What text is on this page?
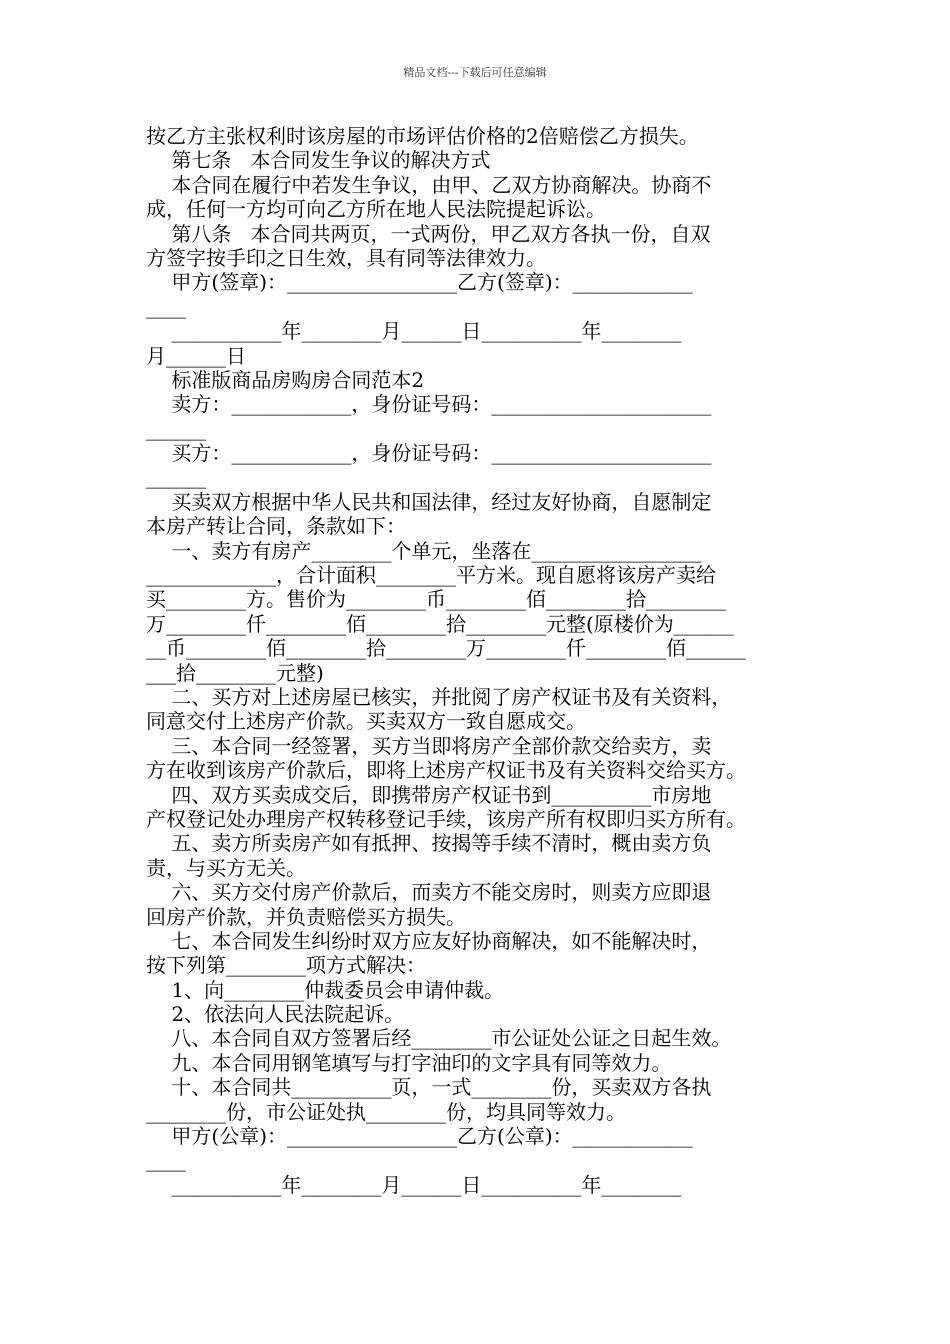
精品文档---下载后可任意编辑
按乙方主张权利时该房屋的市场评估价格的2倍赔偿乙方损失。
第七条   本合同发生争议的解决方式
本合同在履行中若发生争议，由甲、乙双方协商解决。协商不
成，任何一方均可向乙方所在地人民法院提起诉讼。
第八条   本合同共两页，一式两份，甲乙双方各执一份，自双
方签字按手印之日生效，具有同等法律效力。
甲方(签章)：_________________乙方(签章)：____________
____
___________年________月______日__________年________
月______日
标准版商品房购房合同范本2
卖方：____________，身份证号码：______________________
______
买方：____________，身份证号码：______________________
______
买卖双方根据中华人民共和国法律，经过友好协商，自愿制定
本房产转让合同，条款如下：
一、卖方有房产________个单元，坐落在_________________
_____________，合计面积________平方米。现自愿将该房产卖给
买________方。售价为________币________佰________拾________
万________仟________佰________拾________元整(原楼价为______
__币________佰________拾________万________仟________佰______
___拾________元整)
二、买方对上述房屋已核实，并批阅了房产权证书及有关资料，
同意交付上述房产价款。买卖双方一致自愿成交。
三、本合同一经签署，买方当即将房产全部价款交给卖方，卖
方在收到该房产价款后，即将上述房产权证书及有关资料交给买方。
四、双方买卖成交后，即携带房产权证书到__________市房地
产权登记处办理房产权转移登记手续，该房产所有权即归买方所有。
五、卖方所卖房产如有抵押、按揭等手续不清时，概由卖方负
责，与买方无关。
六、买方交付房产价款后，而卖方不能交房时，则卖方应即退
回房产价款，并负责赔偿买方损失。
七、本合同发生纠纷时双方应友好协商解决，如不能解决时，
按下列第________项方式解决：
1、向________仲裁委员会申请仲裁。
2、依法向人民法院起诉。
八、本合同自双方签署后经________市公证处公证之日起生效。
九、本合同用钢笔填写与打字油印的文字具有同等效力。
十、本合同共__________页，一式________份，买卖双方各执
________份，市公证处执________份，均具同等效力。
甲方(公章)：_________________乙方(公章)：____________
____
___________年________月______日__________年________
